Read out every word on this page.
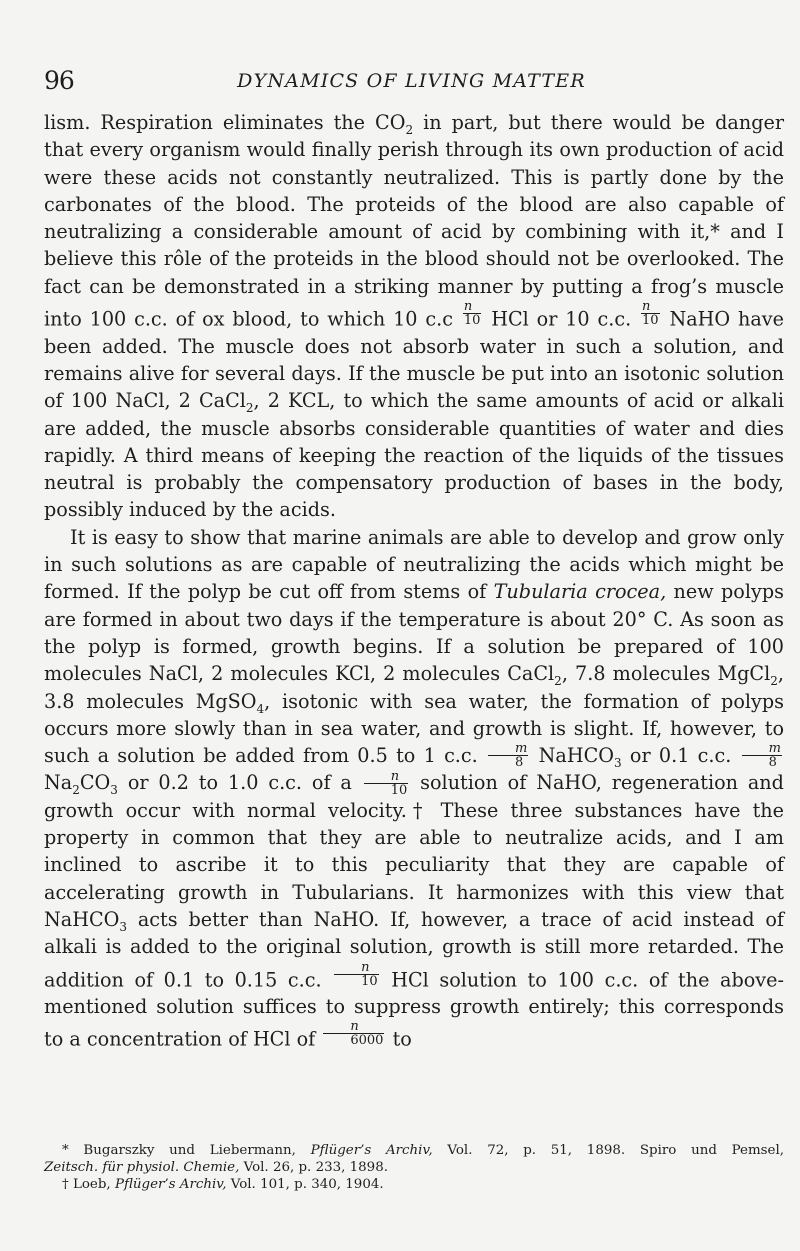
96	DYNAMICS OF LIVING MATTER

lism. Respiration eliminates the $CO_2$ in part, but there would be danger that every organism would finally perish through its own production of acid were these acids not constantly neutralized. This is partly done by the carbonates of the blood. The proteids of the blood are also capable of neutralizing a considerable amount of acid by combining with it,* and I believe this rôle of the proteids in the blood should not be overlooked. The fact can be demonstrated in a striking manner by putting a frog’s muscle into 100 c.c. of ox blood, to which 10 $c.c \frac{n}{10}$ HCl or 10 c.c. $\frac{n}{10}$ NaHO have been added. The muscle does not absorb water in such a solution, and remains alive for several days. If the muscle be put into an isotonic solution of 100 NaCl, 2 CaCl$_2$, 2 KCL, to which the same amounts of acid or alkali are added, the muscle absorbs considerable quantities of water and dies rapidly. A third means of keeping the reaction of the liquids of the tissues neutral is probably the compensatory production of bases in the body, possibly induced by the acids.

It is easy to show that marine animals are able to develop and grow only in such solutions as are capable of neutralizing the acids which might be formed. If the polyp be cut off from stems of Tubularia crocea, new polyps are formed in about two days if the temperature is about 20° C. As soon as the polyp is formed, growth begins. If a solution be prepared of 100 molecules NaCl, 2 molecules KCl, 2 molecules CaCl$_2$, 7.8 molecules MgCl$_2$, 3.8 molecules MgSO$_4$, isotonic with sea water, the formation of polyps occurs more slowly than in sea water, and growth is slight. If, however, to such a solution be added from 0.5 to 1 c.c. $\frac{m}{8}$ NaHCO$_3$ or 0.1 c.c. $\frac{m}{8}$
$Na_2CO_3$ or 0.2 to 1.0 c.c. of a $\frac{n}{10}$ solution of NaHO, regeneration and growth occur with normal velocity.† These three substances have the property in common that they are able to neutralize acids, and I am inclined to ascribe it to this peculiarity that they are capable of accelerating growth in Tubularians. It harmonizes with this view that NaHCO$_3$ acts better than NaHO. If, however, a trace of acid instead of alkali is added to the original solution, growth is still more retarded. The addition of 0.1 to 0.15 c.c. $\frac{n}{10}$ HCl solution to 100 c.c. of the above-mentioned solution suffices to suppress growth entirely; this corresponds to a concentration of HCl of $\frac{n}{6000}$ to

* Bugarszky und Liebermann, Pflüger’s Archiv, Vol. 72, p. 51, 1898. Spiro und Pemsel,

Zeitsch. für physiol. Chemie, Vol. 26, p. 233, 1898.

† Loeb, Pflüger’s Archiv, Vol. 101, p. 340, 1904.
